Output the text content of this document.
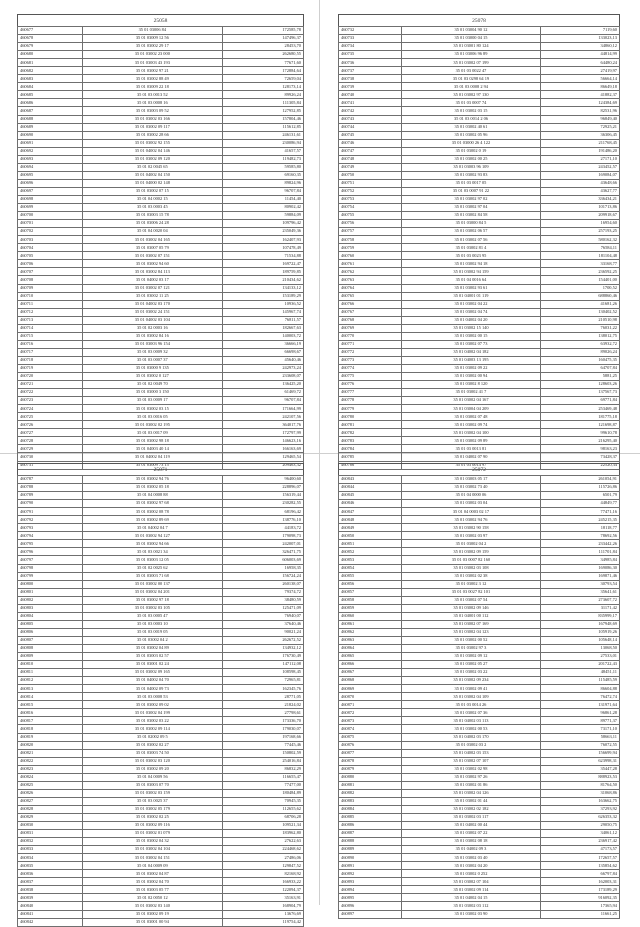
25058
460677	35 01 03006 84	172585,78
460678	35 01 03009 12 56	147496,37
460679	35 01 03002 29 17	28453,70
460680	35 01 03002 23 000	262680,55
460681	35 01 03003 43 193	77671,60
460682	35 01 03002 97 21	172884,64
460683	35 01 03002 88 49	72659,04
460684	35 01 03009 22 18	128173,14
460685	35 01 03 0013 52	89926,24
460686	35 01 03 0008 16	111305,84
460687	35 01 03003 09 52	127952,85
460688	35 01 03002 03 166	157804,46
460689	35 01 03002 09 117	115612,85
460690	35 01 03002 28 66	246131,61
460691	35 01 03002 92 155	230086,94
460692	35 01 04002 04 146	41657,57
460693	35 01 03002 09 120	119482,73
460694	35 01 02 0045 65	59585,80
460695	35 01 04002 04 150	69160,35
460696	35 01 04000 02 148	89824,96
460697	35 01 03002 07 15	96707,84
460698	35 01 04 0002 15	11454,40
460699	35 01 03 0003 45	80902,42
460700	35 01 03003 15 78	59884,09
460701	35 01 03006 24 28	109796,42
460702	35 01 04 0020 04	235049,36
460703	35 01 03002 04 165	162407,93
460704	35 01 03007 05 79	107478,49
460705	35 01 03002 07 151	71534,88
460706	35 01 03002 94 60	169722,47
460707	35 01 03002 84 113	189759,85
460708	35 01 04002 03 17	210434,62
460709	35 01 03002 07 121	134133,12
460710	35 01 03002 11 25	153189,29
460711	35 01 04002 03 170	10936,52
460712	35 01 03002 24 151	145967,74
460713	35 01 04002 03 104	76811,57
460714	35 01 02 0003 16	182667,63
460715	35 01 03002 84 16	140003,72
460716	35 01 03003 96 154	36666,19
460717	35 01 03 0009 32	66698,67
460718	35 01 03 0007 37	45640,46
460719	35 01 03000 9 135	242973,24
460720	35 01 03002 0 127	233608,07
460721	35 01 02 0049 70	136425,20
460722	35 01 03000 3 150	61469,72
460723	35 01 03 0009 17	96707,84
460724	35 01 03002 03 15	171664,99
460725	35 01 03 0016 05	242107,56
460726	35 01 03002 02 195	364017,76
460727	35 01 03 0017 09	172797,99
460728	35 01 03002 98 18	146623,16
460729	35 01 04003 40 14	166163,69
460730	35 01 04002 04 119	129465,54
460731	35 01 03009 73 15	209463,32
25078
460732	35 01 03004 90 12	7119,60
460733	35 01 03000 04 15	133023,13
460734	35 01 03001 80 124	34860,12
460735	35 01 03006 96 89	44814,99
460736	35 01 03002 07 199	64480,24
460737	35 01 03 0022 47	27419,97
460738	35 01 03 0298 64 19	56664,14
460739	35 01 03 0008 2 94	86649,18
460740	35 01 03002 97 130	41882,37
460741	35 01 03 0007 74	124384,69
460742	35 01 03002 03 15	82531,96
460743	35 01 03 0014 2 06	96849,40
460744	35 01 03002 40 61	72925,21
460745	35 01 03002 05 96	36306,45
460746	35 01 03000 26 4 122	211768,45
460747	35 01 03002 0 19	191486,20
460748	35 01 03002 00 25	27171,10
460749	35 01 03003 96 109	243452,57
460750	35 01 03002 93 83	169084,07
460751	35 01 03 0017 05	43648,66
460752	35 01 03 0007 91 22	43627,77
460753	35 01 03002 97 02	336434,21
460754	35 01 03002 97 04	101713,86
460755	35 01 03002 84 58	209918,67
460756	35 01 03000 84 5	16954,60
460757	35 01 03002 06 57	257193,25
460758	35 01 03002 07 56	580162,32
460759	35 01 03002 81 4	76584,11
460760	35 01 03 0023 95	181104,48
460761	35 01 03002 94 18	33168,77
460762	35 01 03002 94 159	236592,25
460763	35 01 04 0016 64	154401,00
460764	35 01 03002 93 61	1700,52
460765	35 01 04001 01 119	688860,46
460766	35 01 03002 04 22	41681,26
460767	35 01 03002 04 74	130402,52
460768	35 01 04002 04 20	210510,98
460769	35 01 03002 15 140	76031,22
460770	35 01 03002 00 15	138012,75
460771	35 01 03002 07 73	63932,72
460772	35 01 04002 04 182	89026,24
460773	35 01 04003 13 195	160475,35
460774	35 01 03002 09 22	64707,84
460775	35 01 03002 00 94	5881,25
460776	35 01 03002 8 120	128603,26
460777	35 01 03002 41 7	137567,73
460778	35 01 03002 04 167	69771,84
460779	35 01 03004 04 209	253469,48
460780	35 01 03002 07 48	181775,18
460781	35 01 03002 09 74	121698,87
460782	35 01 03002 04 100	99610,78
460783	35 01 03002 09 89	216295,40
460784	35 01 03 0013 81	98163,23
460785	35 01 04002 07 90	73428,37
460786	35 01 03 0014 97	22520,34
25071
460787	35 01 03002 94 76	96400,60
460788	35 01 03002 05 18	228896,07
460789	35 01 04 0008 88	156319,44
460790	35 01 03002 97 68	230282,55
460791	35 01 03002 08 78	68196,42
460792	35 01 03002 89 69	138776,10
460793	35 01 04002 04 7	44183,72
460794	35 01 03002 94 127	179098,73
460795	35 01 03002 94 66	242007,01
460796	35 01 03 0021 34	326471,75
460797	35 01 03003 12 05	606003,69
460798	35 01 02 0025 62	16958,35
460799	35 01 03003 71 68	156724,24
460800	35 01 03002 00 137	260138,07
460801	35 01 03002 04 201	79374,72
460802	35 01 03002 97 18	38480,59
460803	35 01 03002 03 105	125471,09
460804	35 01 03 0005 47	76940,07
460805	35 01 03 0003 10	37640,46
460806	35 01 03 0019 05	90021,24
460807	35 01 03002 04 2	262672,52
460808	35 01 03002 04 89	134932,12
460809	35 01 03003 02 57	176730,49
460810	35 01 03001 02 24	147112,08
460811	35 01 03002 09 165	108598,45
460812	35 01 04002 04 70	72965,81
460813	35 01 04002 09 73	162345,76
460814	35 01 03 0008 53	28771,05
460815	35 01 03002 09 02	21824,02
460816	35 01 03002 04 199	27798,61
460817	35 01 03002 03 22	173336,70
460818	35 01 03002 09 114	179030,07
460819	35 01 02002 09 5	197168,66
460820	35 01 03002 02 27	77445,46
460821	35 01 03003 74 50	150802,59
460822	35 01 03002 03 120	254016,84
460823	35 01 03002 09 20	86832,29
460824	35 01 04 0009 56	116655,47
460825	35 01 03003 07 70	77477,00
460826	35 01 03002 03 159	180484,89
460827	35 01 03 0025 37	70945,35
460828	35 01 03002 05 179	112655,62
460829	35 01 03002 02 25	68706,28
460830	35 01 03002 09 116	109521,34
460831	35 01 03002 01 079	183962,80
460832	35 01 03002 04 32	27622,63
460833	35 01 03002 04 104	224468,62
460834	35 01 03002 04 151	27486,06
460835	35 01 04 0009 09	129847,52
460836	35 01 03002 04 87	82168,92
460837	35 01 03002 04 70	166933,22
460838	35 01 03003 05 77	122094,37
460839	35 01 02 0050 12	35163,91
460840	35 01 03002 03 140	168904,79
460841	35 01 03002 09 19	13676,69
460842	35 01 03001 00 94	119754,42
25072
460843	35 01 03003 05 17	261054,91
460844	35 01 03002 73 40	115726,86
460845	35 01 04 0000 06	6501,79
460846	35 01 03002 03 04	44849,77
460847	35 01 04 0003 02 17	77471,16
460848	35 01 03002 94 76	245215,35
460849	35 01 03002 90 158	18118,77
460850	35 01 03002 03 97	78692,56
460851	35 01 03002 04 2	233442,26
460852	35 01 03002 09 159	111701,84
460853	35 01 03 0007 82 160	34985,84
460854	35 01 03002 03 108	169086,30
460855	35 01 03002 02 38	169871,46
460856	35 01 03002 3 12	30793,54
460857	35 01 03 0027 82 101	35641,61
460858	35 01 03002 07 54	273607,72
460859	35 01 03002 09 146	31171,42
460860	35 01 04001 00 112	835999,17
460861	35 01 03002 07 169	167948,69
460862	35 01 03002 04 123	105919,26
460863	35 01 03002 00 52	105648,14
460864	35 01 03002 97 3	13068,50
460865	35 01 03002 09 12	27533,01
460866	35 01 03002 05 27	201722,43
460867	35 01 03002 03 22	48451,11
460868	35 01 03002 09 234	115485,59
460869	35 01 03002 09 41	86604,88
460870	35 01 03002 04 109	76472,74
460871	35 01 03 0014 26	131971,64
460872	35 01 03002 07 36	96861,28
460873	35 01 04002 03 113	89771,37
460874	35 01 03002 00 53	73171,10
460875	35 01 04002 03 170	58663,11
460876	35 01 03002 03 2	76072,55
460877	35 01 04002 03 153	156699,94
460878	35 01 03002 07 107	623998,31
460879	35 01 03002 02 98	35447,28
460880	35 01 03002 97 26	888923,53
460881	35 01 03002 01 86	81764,50
460882	35 01 03002 04 126	31068,86
460883	35 01 03002 01 44	163662,75
460884	35 01 03002 02 182	37293,92
460885	35 01 03002 03 117	626353,32
460886	35 01 04002 00 44	29050,75
460887	35 01 03002 07 22	34061,12
460888	35 01 03002 08 18	236917,42
460889	35 01 04002 09 3	47173,57
460890	35 01 03002 03 40	172657,57
460891	35 01 03002 04 20	135854,62
460892	35 01 03002 0 252	66797,84
460893	35 01 03002 07 104	162003,31
460894	35 01 03002 09 114	173189,29
460895	35 01 04002 04 15	916092,35
460896	35 01 03002 03 112	17365,94
460897	35 01 03002 03 90	11661,25
